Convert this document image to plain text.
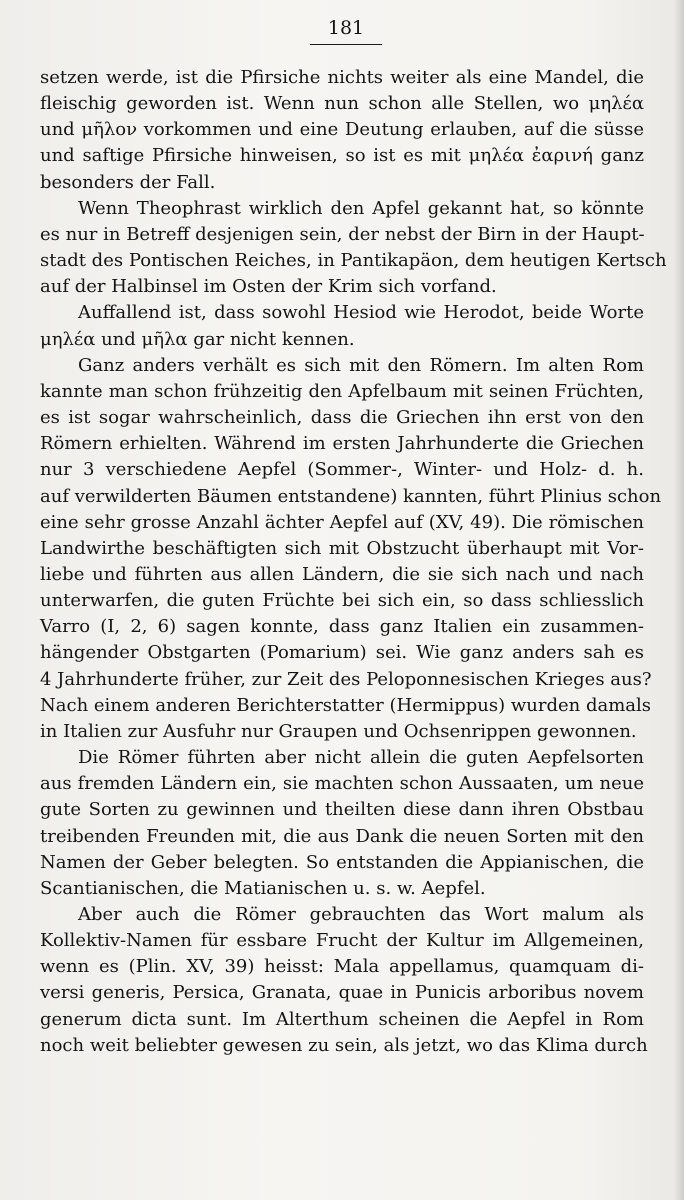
181
setzen werde, ist die Pfirsiche nichts weiter als eine Mandel, die
fleischig geworden ist. Wenn nun schon alle Stellen, wo μηλέα
und μῆλον vorkommen und eine Deutung erlauben, auf die süsse
und saftige Pfirsiche hinweisen, so ist es mit μηλέα ἐαρινή ganz
besonders der Fall.
Wenn Theophrast wirklich den Apfel gekannt hat, so könnte
es nur in Betreff desjenigen sein, der nebst der Birn in der Haupt-
stadt des Pontischen Reiches, in Pantikapäon, dem heutigen Kertsch
auf der Halbinsel im Osten der Krim sich vorfand.
Auffallend ist, dass sowohl Hesiod wie Herodot, beide Worte
μηλέα und μῆλα gar nicht kennen.
Ganz anders verhält es sich mit den Römern. Im alten Rom
kannte man schon frühzeitig den Apfelbaum mit seinen Früchten,
es ist sogar wahrscheinlich, dass die Griechen ihn erst von den
Römern erhielten. Während im ersten Jahrhunderte die Griechen
nur 3 verschiedene Aepfel (Sommer-, Winter- und Holz- d. h.
auf verwilderten Bäumen entstandene) kannten, führt Plinius schon
eine sehr grosse Anzahl ächter Aepfel auf (XV, 49). Die römischen
Landwirthe beschäftigten sich mit Obstzucht überhaupt mit Vor-
liebe und führten aus allen Ländern, die sie sich nach und nach
unterwarfen, die guten Früchte bei sich ein, so dass schliesslich
Varro (I, 2, 6) sagen konnte, dass ganz Italien ein zusammen-
hängender Obstgarten (Pomarium) sei. Wie ganz anders sah es
4 Jahrhunderte früher, zur Zeit des Peloponnesischen Krieges aus?
Nach einem anderen Berichterstatter (Hermippus) wurden damals
in Italien zur Ausfuhr nur Graupen und Ochsenrippen gewonnen.
Die Römer führten aber nicht allein die guten Aepfelsorten
aus fremden Ländern ein, sie machten schon Aussaaten, um neue
gute Sorten zu gewinnen und theilten diese dann ihren Obstbau
treibenden Freunden mit, die aus Dank die neuen Sorten mit den
Namen der Geber belegten. So entstanden die Appianischen, die
Scantianischen, die Matianischen u. s. w. Aepfel.
Aber auch die Römer gebrauchten das Wort malum als
Kollektiv-Namen für essbare Frucht der Kultur im Allgemeinen,
wenn es (Plin. XV, 39) heisst: Mala appellamus, quamquam di-
versi generis, Persica, Granata, quae in Punicis arboribus novem
generum dicta sunt. Im Alterthum scheinen die Aepfel in Rom
noch weit beliebter gewesen zu sein, als jetzt, wo das Klima durch
